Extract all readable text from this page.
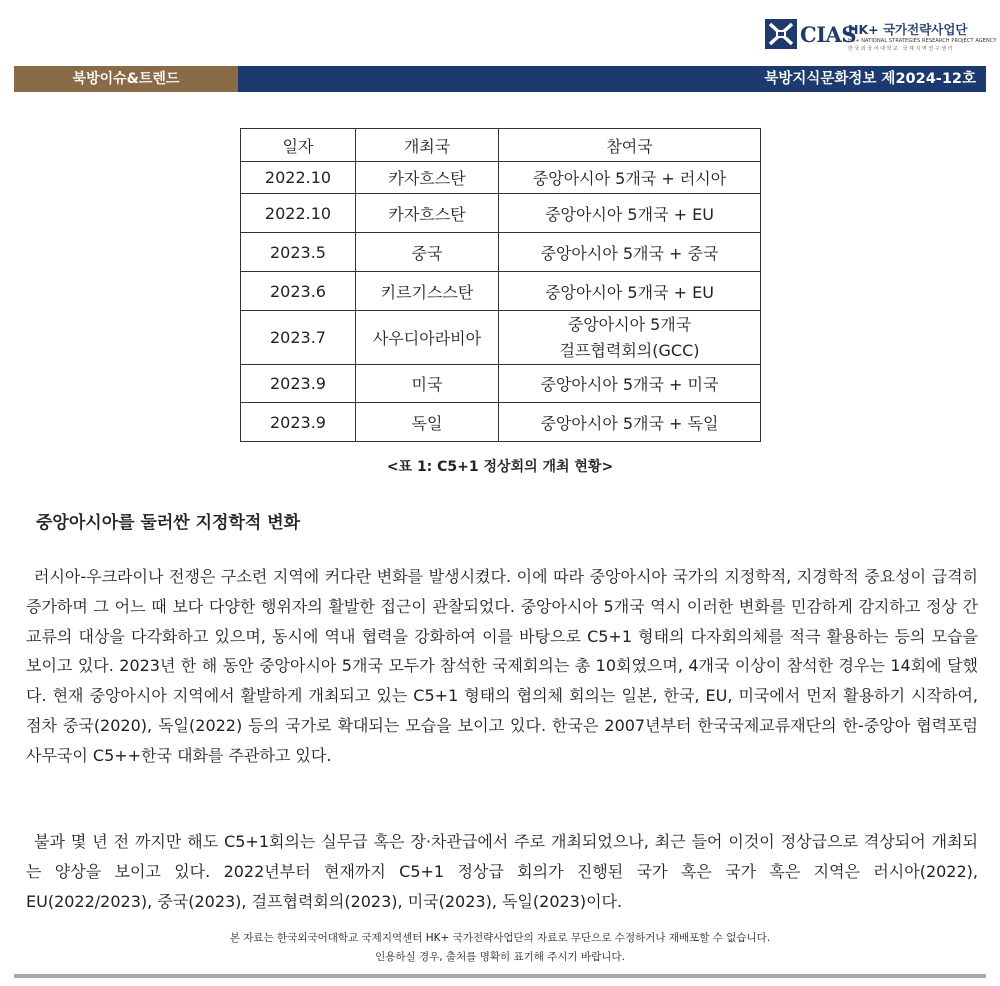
CIAS
HK+ 국가전략사업단
HK+ NATIONAL STRATEGIES RESEARCH PROJECT AGENCY
한국외국어대학교 국제지역연구센터
북방이슈&트렌드	북방지식문화정보 제2024-12호
일자	개최국	참여국
2022.10	카자흐스탄	중앙아시아 5개국 + 러시아
2022.10	카자흐스탄	중앙아시아 5개국 + EU
2023.5	중국	중앙아시아 5개국 + 중국
2023.6	키르기스스탄	중앙아시아 5개국 + EU
2023.7	사우디아라비아	중앙아시아 5개국
걸프협력회의(GCC)
2023.9	미국	중앙아시아 5개국 + 미국
2023.9	독일	중앙아시아 5개국 + 독일
<표 1: C5+1 정상회의 개최 현황>
중앙아시아를 둘러싼 지정학적 변화

러시아-우크라이나 전쟁은 구소련 지역에 커다란 변화를 발생시켰다. 이에 따라 중앙아시아 국가의 지정학적, 지경학적 중요성이 급격히 증가하며 그 어느 때 보다 다양한 행위자의 활발한 접근이 관찰되었다. 중앙아시아 5개국 역시 이러한 변화를 민감하게 감지하고 정상 간 교류의 대상을 다각화하고 있으며, 동시에 역내 협력을 강화하여 이를 바탕으로 C5+1 형태의 다자회의체를 적극 활용하는 등의 모습을 보이고 있다. 2023년 한 해 동안 중앙아시아 5개국 모두가 참석한 국제회의는 총 10회였으며, 4개국 이상이 참석한 경우는 14회에 달했다. 현재 중앙아시아 지역에서 활발하게 개최되고 있는 C5+1 형태의 협의체 회의는 일본, 한국, EU, 미국에서 먼저 활용하기 시작하여, 점차 중국(2020), 독일(2022) 등의 국가로 확대되는 모습을 보이고 있다. 한국은 2007년부터 한국국제교류재단의 한-중앙아 협력포럼 사무국이 C5++한국 대화를 주관하고 있다.

불과 몇 년 전 까지만 해도 C5+1회의는 실무급 혹은 장·차관급에서 주로 개최되었으나, 최근 들어 이것이 정상급으로 격상되어 개최되는 양상을 보이고 있다. 2022년부터 현재까지 C5+1 정상급 회의가 진행된 국가 혹은 국가 혹은 지역은 러시아(2022), EU(2022/2023), 중국(2023), 걸프협력회의(2023), 미국(2023), 독일(2023)이다.

본 자료는 한국외국어대학교 국제지역센터 HK+ 국가전략사업단의 자료로 무단으로 수정하거나 재배포할 수 없습니다.
인용하실 경우, 출처를 명확히 표기해 주시기 바랍니다.
